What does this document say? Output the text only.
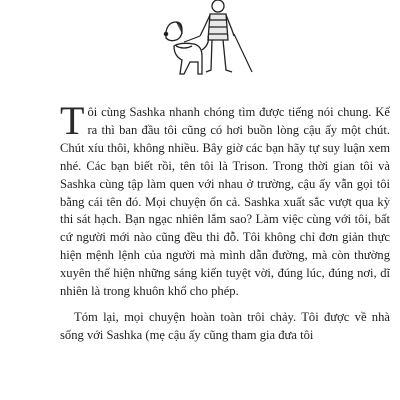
Tôi cùng Sashka nhanh chóng tìm được tiếng nói chung. Kể ra thì ban đầu tôi cũng có hơi buồn lòng cậu ấy một chút. Chút xíu thôi, không nhiều. Bây giờ các bạn hãy tự suy luận xem nhé. Các bạn biết rồi, tên tôi là Trison. Trong thời gian tôi và Sashka cùng tập làm quen với nhau ở trường, cậu ấy vẫn gọi tôi bằng cái tên đó. Mọi chuyện ổn cả. Sashka xuất sắc vượt qua kỳ thi sát hạch. Bạn ngạc nhiên lắm sao? Làm việc cùng với tôi, bất cứ người mới nào cũng đều thi đỗ. Tôi không chỉ đơn giản thực hiện mệnh lệnh của người mà mình dẫn đường, mà còn thường xuyên thể hiện những sáng kiến tuyệt vời, đúng lúc, đúng nơi, dĩ nhiên là trong khuôn khổ cho phép.

Tóm lại, mọi chuyện hoàn toàn trôi chảy. Tôi được về nhà sống với Sashka (mẹ cậu ấy cũng tham gia đưa tôi
